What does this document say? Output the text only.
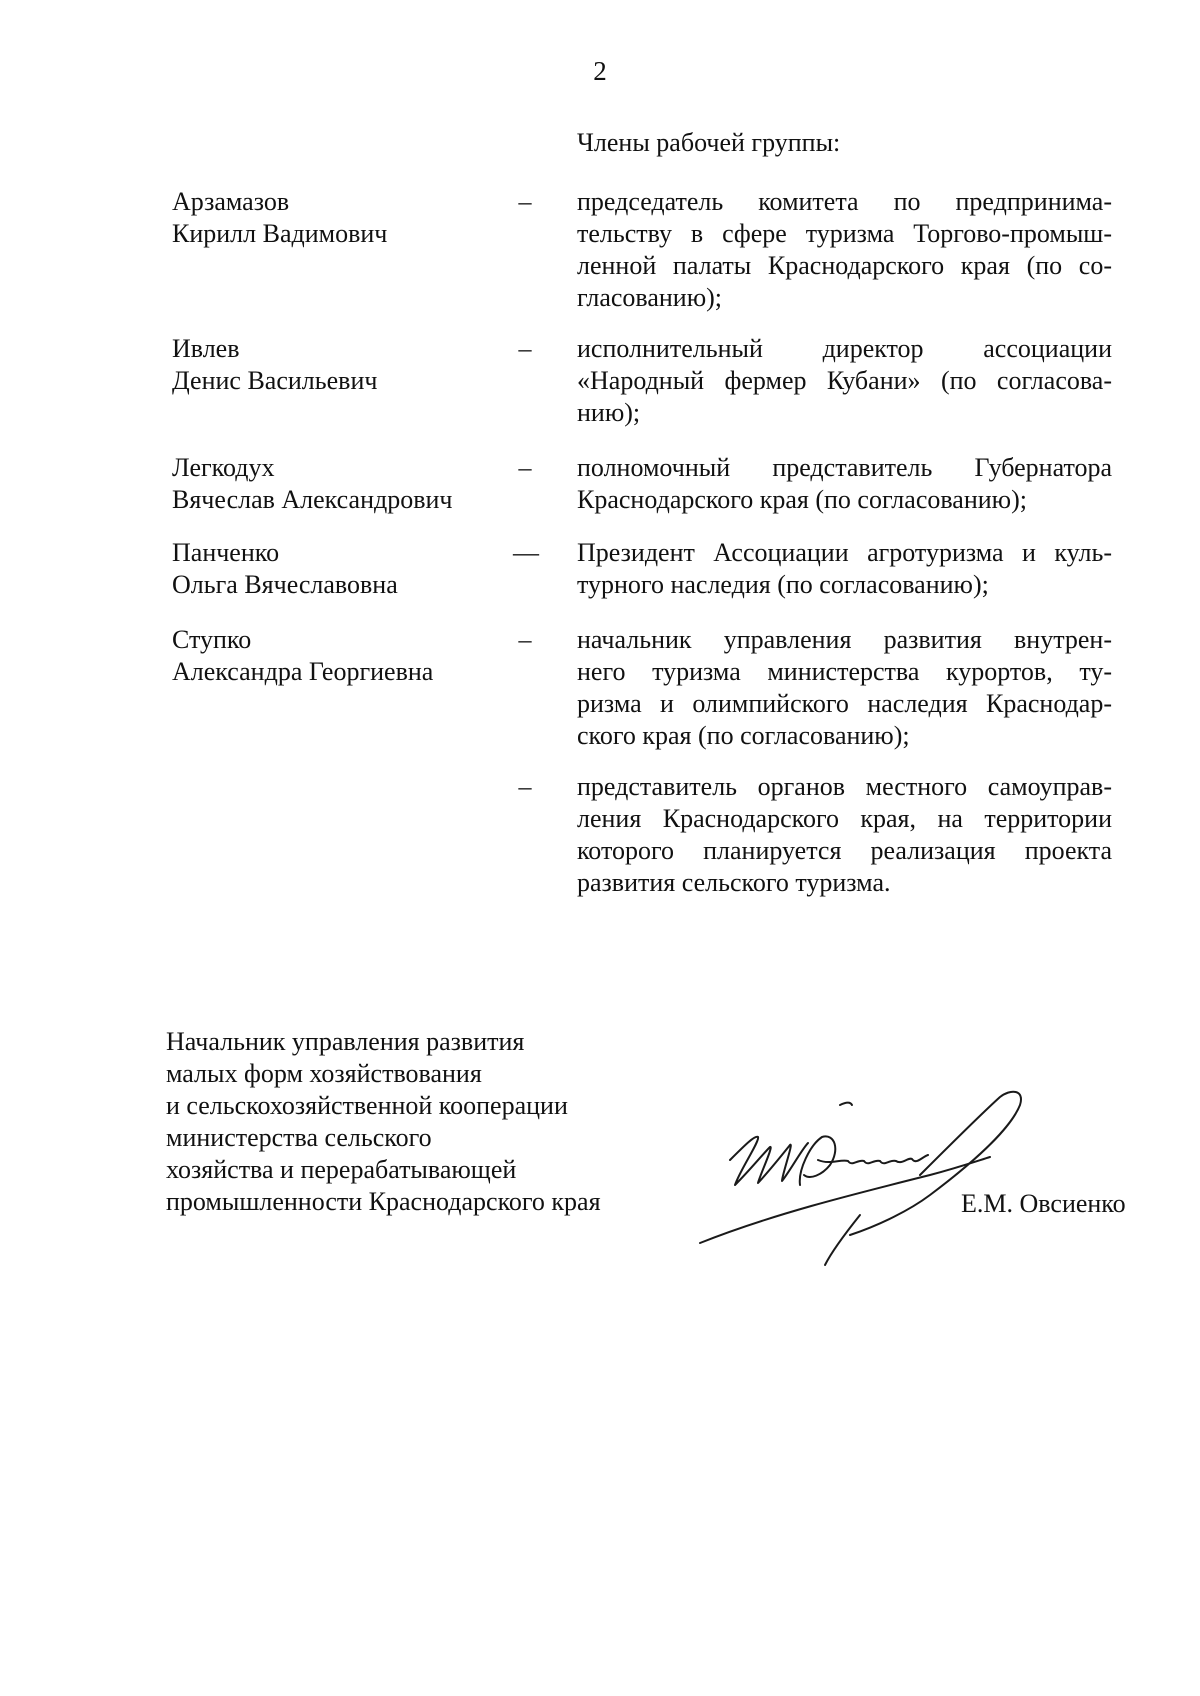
2
Члены рабочей группы:
Арзамазов
Кирилл Вадимович
– председатель комитета по предпринима-
тельству в сфере туризма Торгово-промыш-
ленной палаты Краснодарского края (по со-
гласованию);
Ивлев
Денис Васильевич
– исполнительный директор ассоциации
«Народный фермер Кубани» (по согласова-
нию);
Легкодух
Вячеслав Александрович
– полномочный представитель Губернатора
Краснодарского края (по согласованию);
Панченко
Ольга Вячеславовна
— Президент Ассоциации агротуризма и куль-
турного наследия (по согласованию);
Ступко
Александра Георгиевна
– начальник управления развития внутрен-
него туризма министерства курортов, ту-
ризма и олимпийского наследия Краснодар-
ского края (по согласованию);
– представитель органов местного самоуправ-
ления Краснодарского края, на территории
которого планируется реализация проекта
развития сельского туризма.
Начальник управления развития
малых форм хозяйствования
и сельскохозяйственной кооперации
министерства сельского
хозяйства и перерабатывающей
промышленности Краснодарского края	Е.М. Овсиенко
